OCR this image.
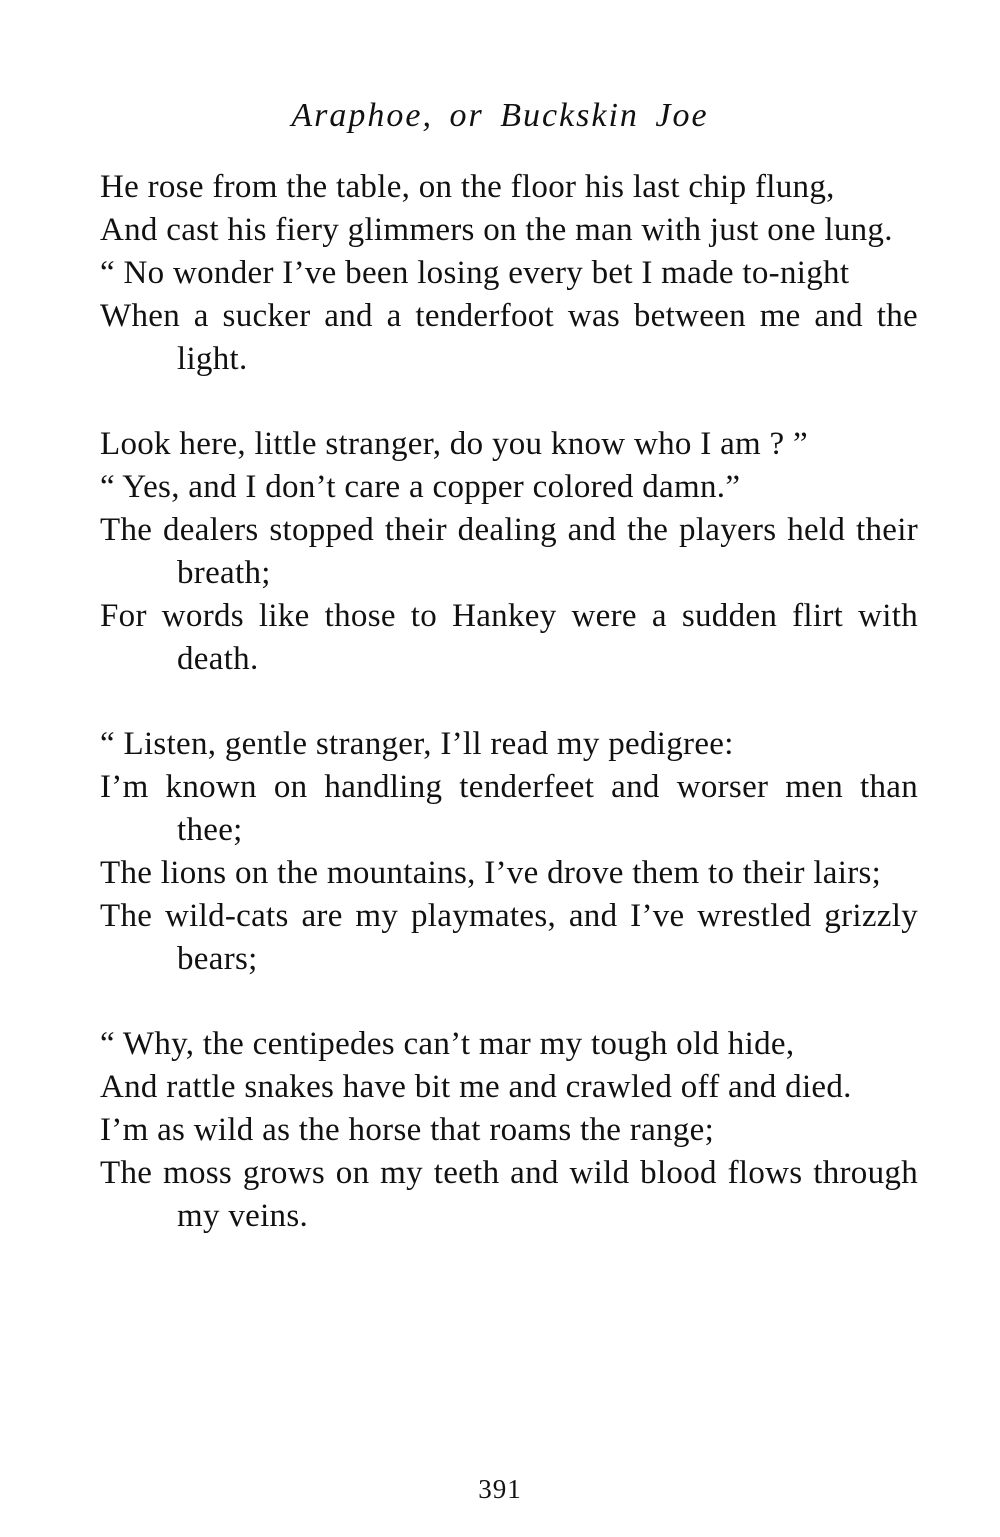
Araphoe, or Buckskin Joe
He rose from the table, on the floor his last chip flung,
And cast his fiery glimmers on the man with just one lung.
“ No wonder I’ve been losing every bet I made to-night
When a sucker and a tenderfoot was between me and the light.
Look here, little stranger, do you know who I am ? ”
“ Yes, and I don’t care a copper colored damn.”
The dealers stopped their dealing and the players held their breath;
For words like those to Hankey were a sudden flirt with death.
“ Listen, gentle stranger, I’ll read my pedigree:
I’m known on handling tenderfeet and worser men than thee;
The lions on the mountains, I’ve drove them to their lairs;
The wild-cats are my playmates, and I’ve wrestled grizzly bears;
“ Why, the centipedes can’t mar my tough old hide,
And rattle snakes have bit me and crawled off and died.
I’m as wild as the horse that roams the range;
The moss grows on my teeth and wild blood flows through my veins.
391
